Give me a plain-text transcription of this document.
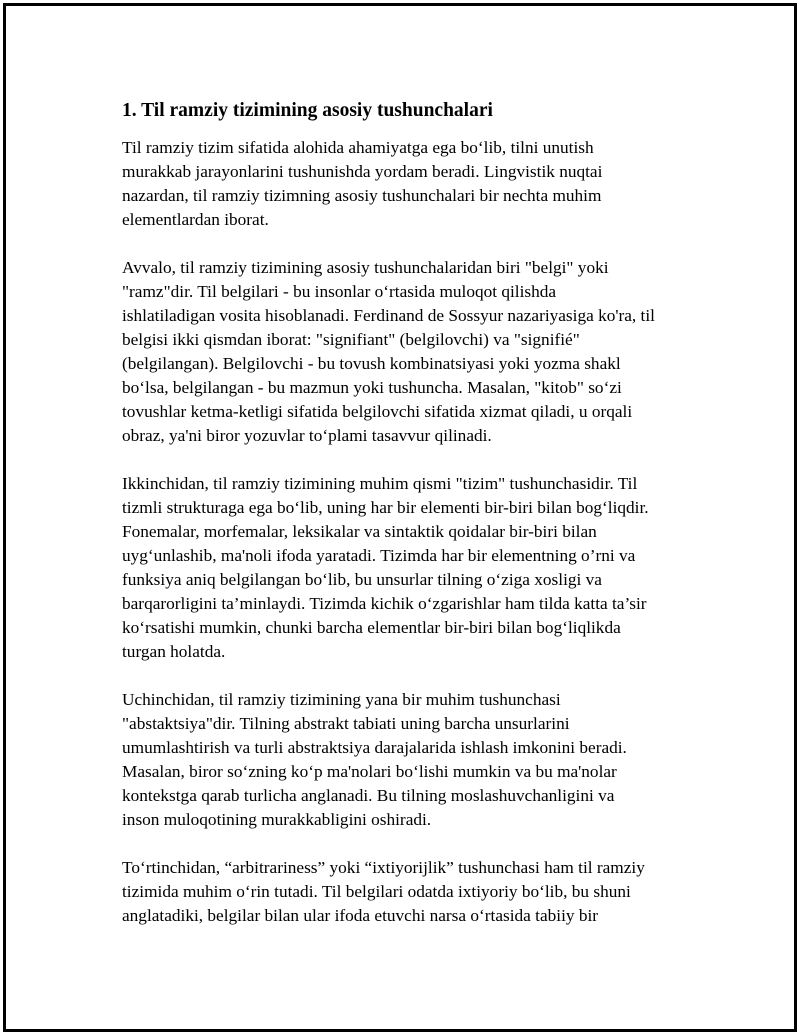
1. Til ramziy tizimining asosiy tushunchalari

Til ramziy tizim sifatida alohida ahamiyatga ega bo‘lib, tilni unutish
murakkab jarayonlarini tushunishda yordam beradi. Lingvistik nuqtai
nazardan, til ramziy tizimning asosiy tushunchalari bir nechta muhim
elementlardan iborat.

Avvalo, til ramziy tizimining asosiy tushunchalaridan biri "belgi" yoki
"ramz"dir. Til belgilari - bu insonlar o‘rtasida muloqot qilishda
ishlatiladigan vosita hisoblanadi. Ferdinand de Sossyur nazariyasiga ko'ra, til
belgisi ikki qismdan iborat: "signifiant" (belgilovchi) va "signifié"
(belgilangan). Belgilovchi - bu tovush kombinatsiyasi yoki yozma shakl
bo‘lsa, belgilangan - bu mazmun yoki tushuncha. Masalan, "kitob" so‘zi
tovushlar ketma-ketligi sifatida belgilovchi sifatida xizmat qiladi, u orqali
obraz, ya'ni biror yozuvlar to‘plami tasavvur qilinadi.

Ikkinchidan, til ramziy tizimining muhim qismi "tizim" tushunchasidir. Til
tizmli strukturaga ega bo‘lib, uning har bir elementi bir-biri bilan bog‘liqdir.
Fonemalar, morfemalar, leksikalar va sintaktik qoidalar bir-biri bilan
uyg‘unlashib, ma'noli ifoda yaratadi. Tizimda har bir elementning o’rni va
funksiya aniq belgilangan bo‘lib, bu unsurlar tilning o‘ziga xosligi va
barqarorligini ta’minlaydi. Tizimda kichik o‘zgarishlar ham tilda katta ta’sir
ko‘rsatishi mumkin, chunki barcha elementlar bir-biri bilan bog‘liqlikda
turgan holatda.

Uchinchidan, til ramziy tizimining yana bir muhim tushunchasi
"abstaktsiya"dir. Tilning abstrakt tabiati uning barcha unsurlarini
umumlashtirish va turli abstraktsiya darajalarida ishlash imkonini beradi.
Masalan, biror so‘zning ko‘p ma'nolari bo‘lishi mumkin va bu ma'nolar
kontekstga qarab turlicha anglanadi. Bu tilning moslashuvchanligini va
inson muloqotining murakkabligini oshiradi.

To‘rtinchidan, “arbitrariness” yoki “ixtiyorijlik” tushunchasi ham til ramziy
tizimida muhim o‘rin tutadi. Til belgilari odatda ixtiyoriy bo‘lib, bu shuni
anglatadiki, belgilar bilan ular ifoda etuvchi narsa o‘rtasida tabiiy bir
